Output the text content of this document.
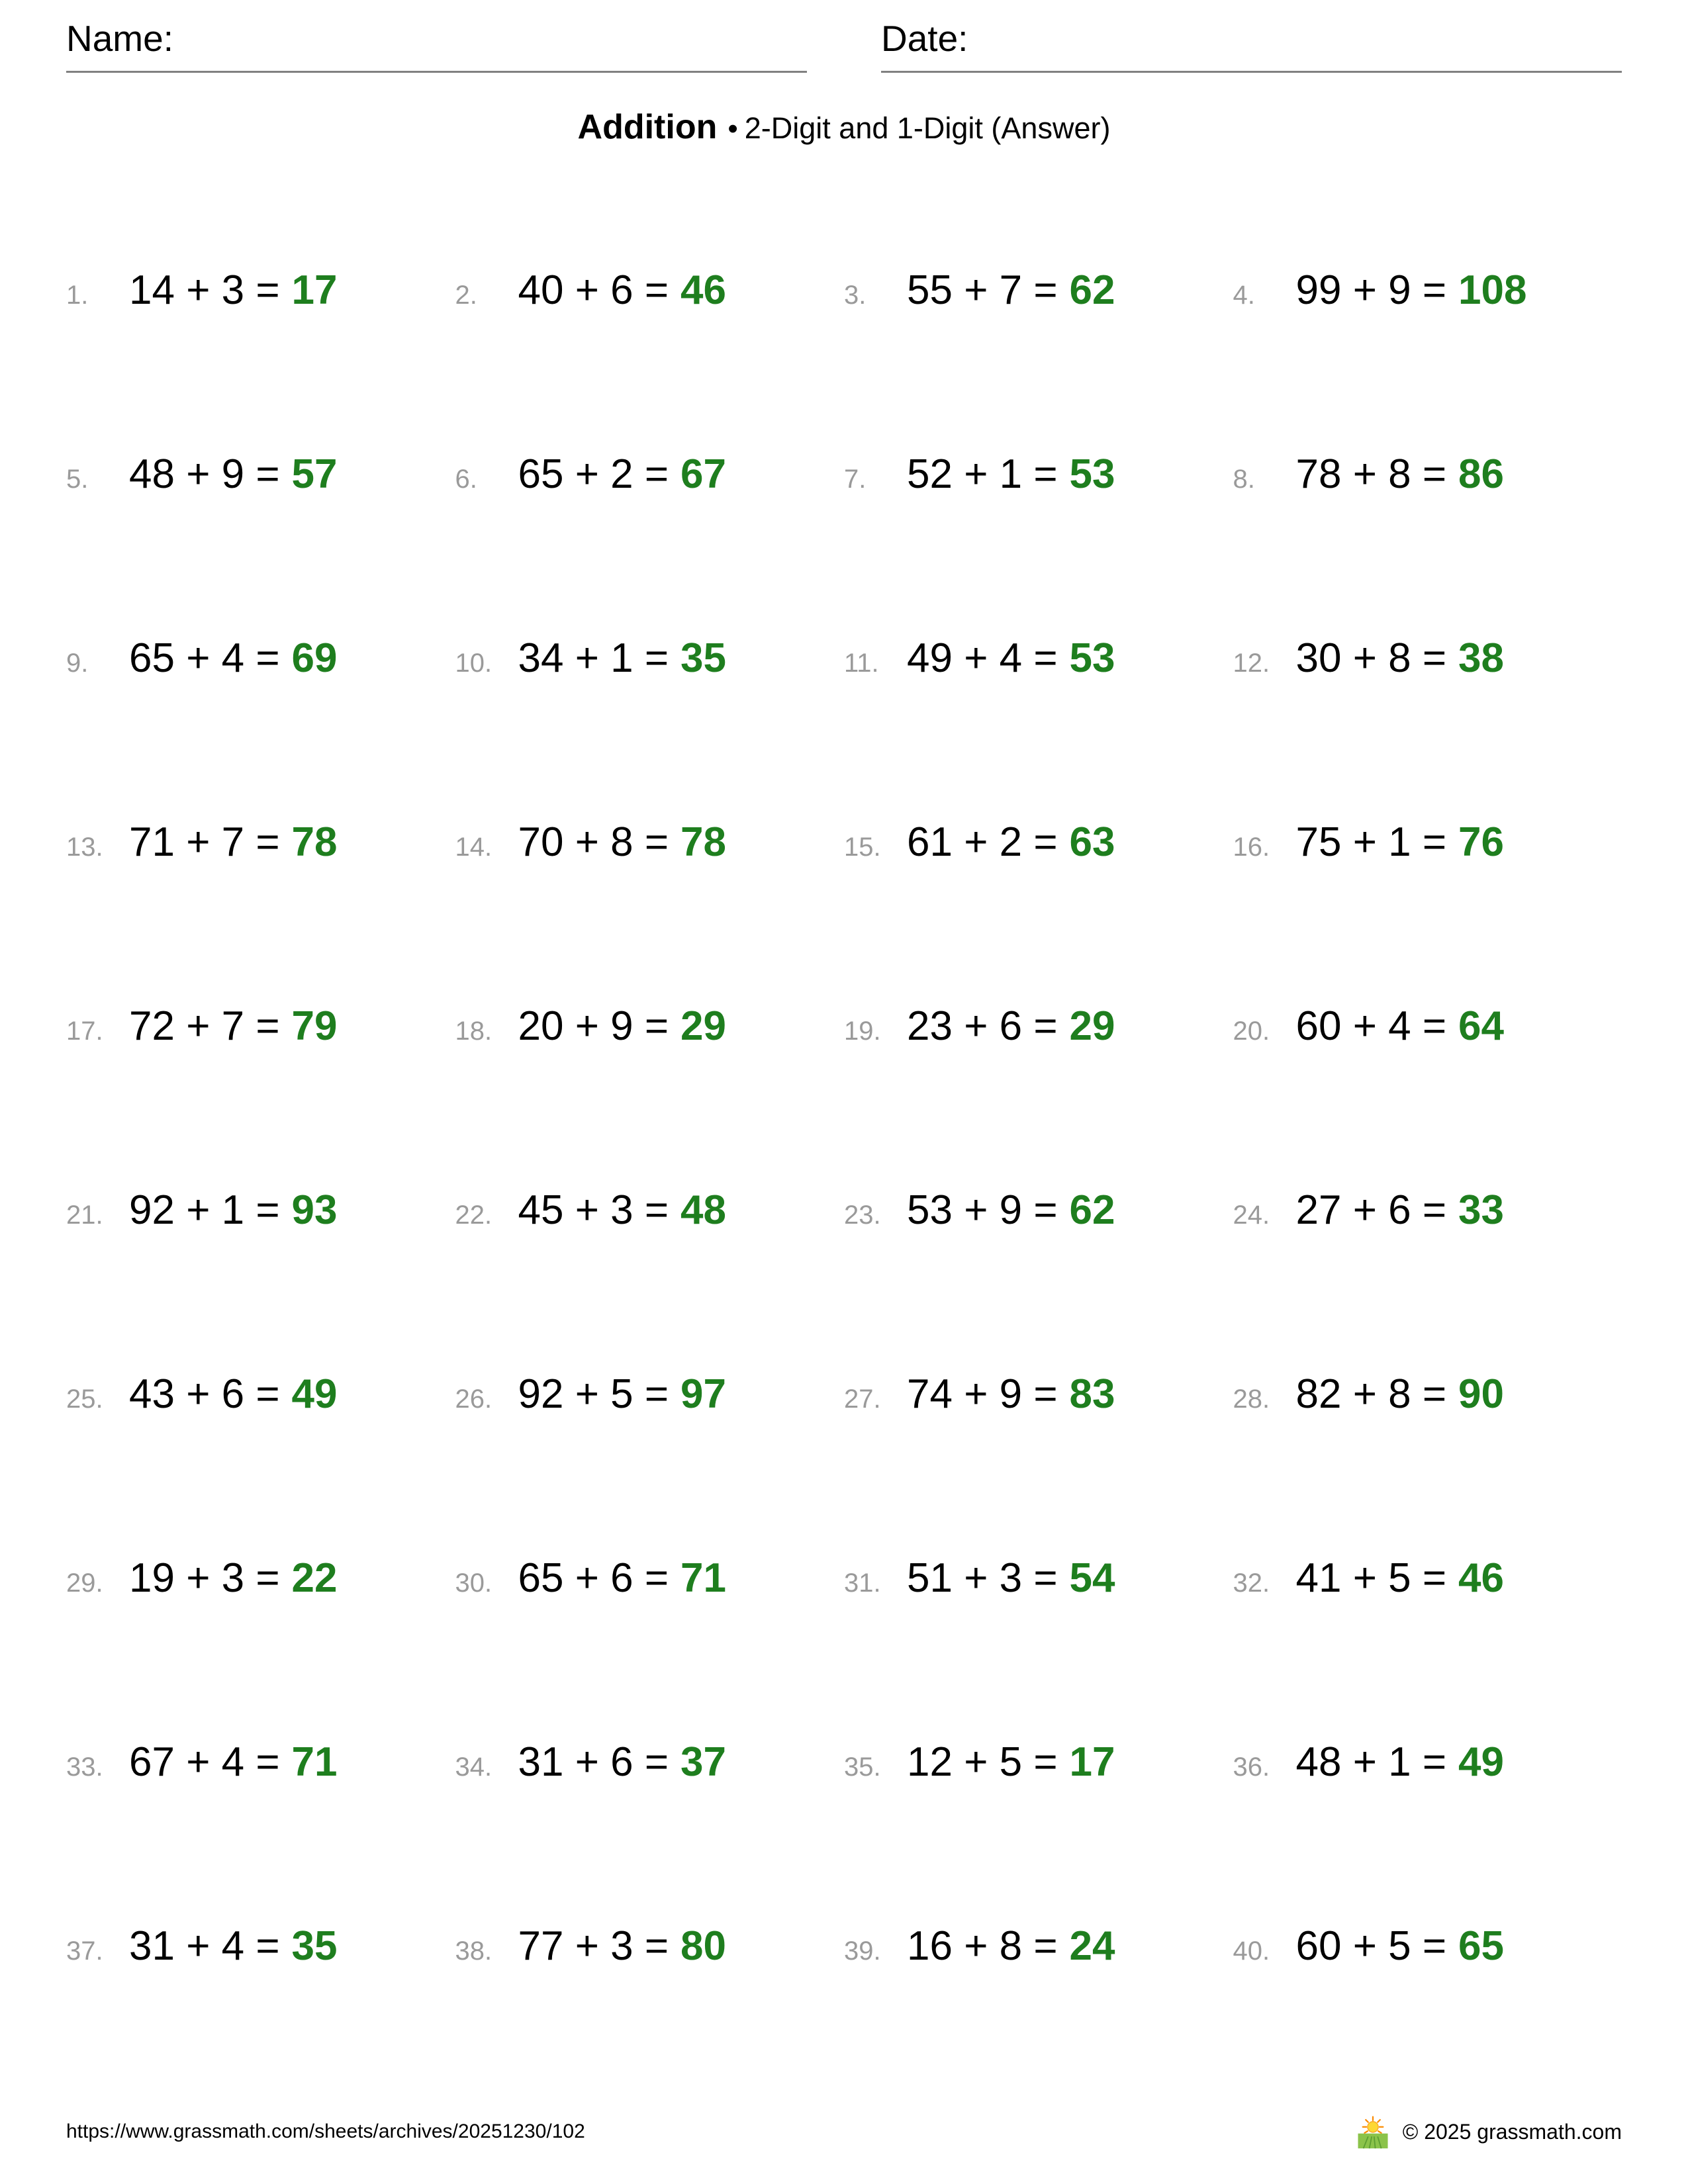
Name:	Date:
Addition • 2-Digit and 1-Digit (Answer)
1. 14 + 3 = 17	2. 40 + 6 = 46	3. 55 + 7 = 62	4. 99 + 9 = 108
5. 48 + 9 = 57	6. 65 + 2 = 67	7. 52 + 1 = 53	8. 78 + 8 = 86
9. 65 + 4 = 69	10. 34 + 1 = 35	11. 49 + 4 = 53	12. 30 + 8 = 38
13. 71 + 7 = 78	14. 70 + 8 = 78	15. 61 + 2 = 63	16. 75 + 1 = 76
17. 72 + 7 = 79	18. 20 + 9 = 29	19. 23 + 6 = 29	20. 60 + 4 = 64
21. 92 + 1 = 93	22. 45 + 3 = 48	23. 53 + 9 = 62	24. 27 + 6 = 33
25. 43 + 6 = 49	26. 92 + 5 = 97	27. 74 + 9 = 83	28. 82 + 8 = 90
29. 19 + 3 = 22	30. 65 + 6 = 71	31. 51 + 3 = 54	32. 41 + 5 = 46
33. 67 + 4 = 71	34. 31 + 6 = 37	35. 12 + 5 = 17	36. 48 + 1 = 49
37. 31 + 4 = 35	38. 77 + 3 = 80	39. 16 + 8 = 24	40. 60 + 5 = 65
https://www.grassmath.com/sheets/archives/20251230/102	© 2025 grassmath.com
